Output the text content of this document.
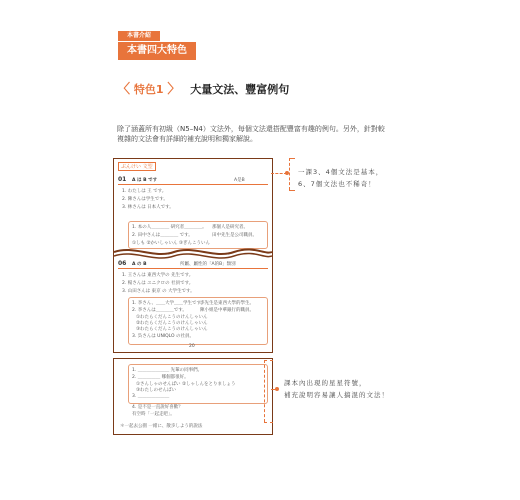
本書介紹
本書四大特色
〈 特色1 〉 大量文法、豐富例句
除了涵蓋所有初級（N5–N4）文法外，每個文法還搭配豐富有趣的例句。另外，針對較複雜的文法會有詳細的補充說明和獨家解說。
ぶんけい 文型
01 A は B です	A是B
1. わたしは 王 です。
2. 陳さんは学生です。
3. 林さんは 日本人です。
1. 本の人＿＿＿＿ 研究者＿＿＿＿。 那個人是研究者。
2. 田中さんは＿＿＿＿ です。	田中先生是公司職員。
①しも ②かいしゃいん ③ぎんこういん
06 A の B	所屬、屬性的「A的B」類別
1. 王さんは 東西大学の 先生です。
2. 楊さんは ユニクロの 社員です。
3. 山田さんは 東京 の 大学生です。
1. 李さん、＿＿大学＿＿学生です。
李先生是東西大學的學生。
2. 李さんは＿＿＿＿です。	陳小姐是中華銀行的職員。
①わたらくだんこうのけんしゃいん
②わたらくだんこうのけんしゃいん
③わたらくだんこうのけんしゃいん
3. 呉さんは UNIQLO の社員。
20
1. ＿＿＿＿＿＿＿ 先輩の同事們。
2. ＿＿＿＿＿ 哪個都很好。
①さんしゃのせんぱい ②しゃしんをとりましょう
③わたしのせんぱい
3. ＿＿＿＿＿＿＿
4. 是不是一直說好喜歡？
有空時「一起走吧」。
＊一起去公園 一緒に、散歩しよう的說法
一課3、4個文法是基本，
6、7個文法也不稀奇！
課本內出現的星星符號，
補充說明容易讓人搞混的文法！
